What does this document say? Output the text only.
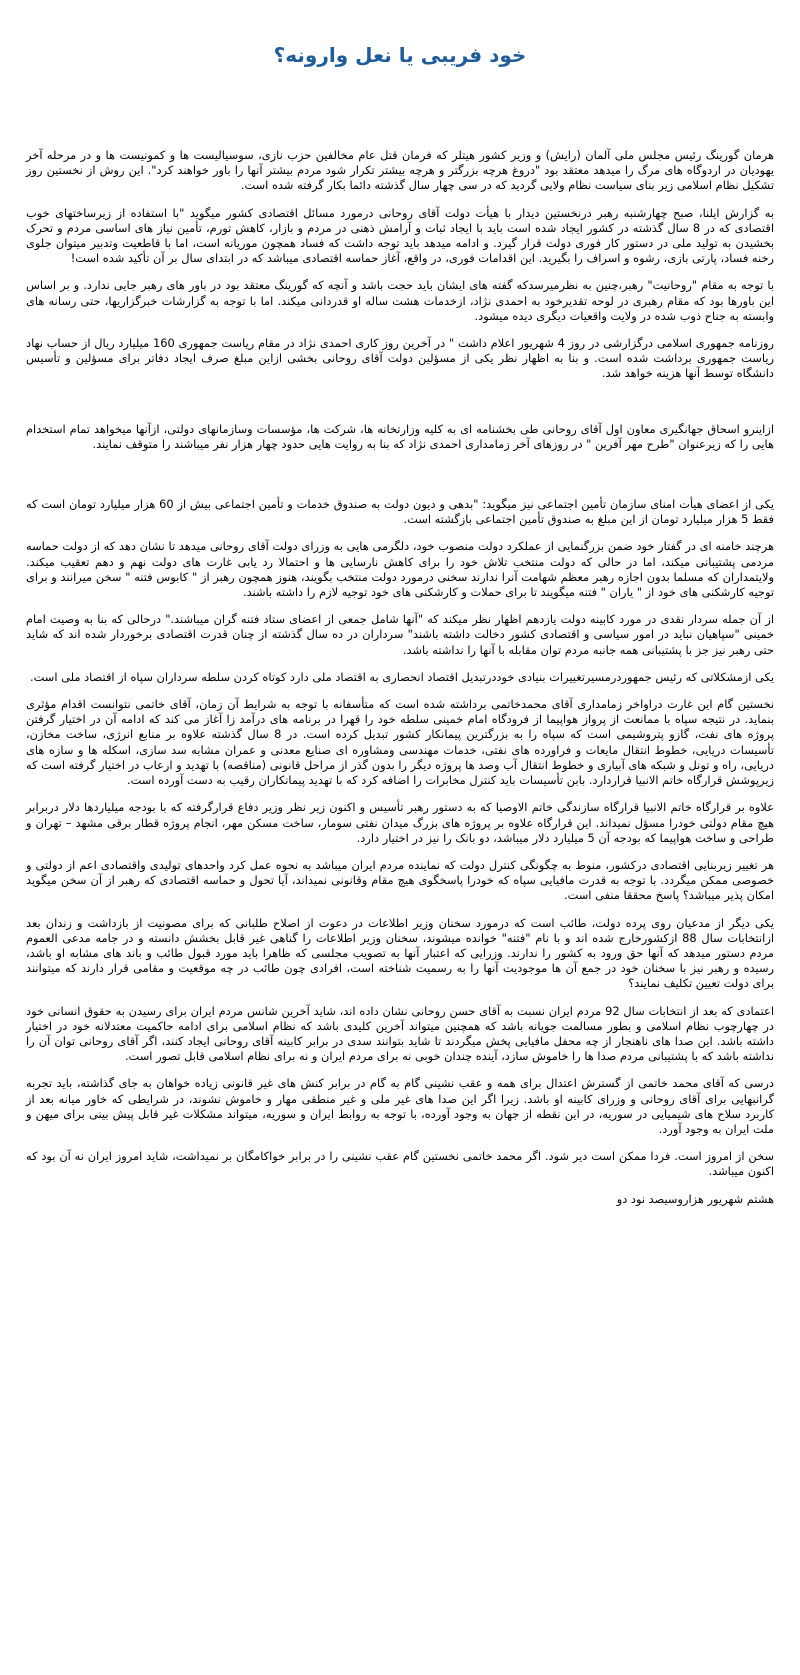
خود فریبی یا نعل وارونه؟

هرمان گورینگ رئیس مجلس ملی آلمان (رایش) و وزیر کشور هیتلر که فرمان قتل عام مخالفین حزب نازی، سوسیالیست ها و کمونیست ها و در مرحله آخر یهودیان در اردوگاه های مرگ را میدهد معتقد بود "دروغ هرچه بزرگتر و هرچه بیشتر تکرار شود مردم بیشتر آنها را باور خواهند کرد". این روش از نخستین روز تشکیل نظام اسلامی زیر بنای سیاست نظام ولایی گردید که در سی چهار سال گذشته دائما بکار گرفته شده است.

به گزارش ایلنا، صبح چهارشنبه رهبر درنخستین دیدار با هیأت دولت آقای روحانی درمورد مسائل اقتصادی کشور میگوید "با استفاده از زیرساختهای خوب اقتصادی که در 8 سال گذشته در کشور ایجاد شده است باید با ایجاد ثبات و آرامش ذهنی در مردم و بازار، کاهش تورم، تأمین نیاز های اساسی مردم و تحرک بخشیدن به تولید ملی در دستور کار فوری دولت قرار گیرد. و ادامه میدهد باید توجه داشت که فساد همچون موریانه است، اما با قاطعیت وتدبیر میتوان جلوی رخنه فساد، پارتی بازی، رشوه و اسراف را بگیرید. این اقدامات فوری، در واقع، آغاز حماسه اقتصادی میباشد که در ابتدای سال بر آن تأکید شده است!

با توجه به مقام "روحانیت" رهبر،چنین به نظرمیرسدکه گفته های ایشان باید حجت باشد و آنچه که گورینگ معتقد بود در باور های رهبر جایی ندارد. و بر اساس این باورها بود که مقام رهبری در لوحه تقدیرخود به احمدی نژاد، ازخدمات هشت ساله او قدردانی میکند. اما با توجه به گزارشات خبرگزاریها، حتی رسانه های وابسته به جناح ذوب شده در ولایت واقعیات دیگری دیده میشود.

روزنامه جمهوری اسلامی درگزارشی در روز 4 شهریور اعلام داشت " در آخرین روز کاری احمدی نژاد در مقام ریاست جمهوری 160 میلیارد ریال از حساب نهاد ریاست جمهوری برداشت شده است. و بنا به اظهار نظر یکی از مسؤلین دولت آقای روحانی بخشی ازاین مبلغ صرف ایجاد دفاتر برای مسؤلین و تأسیس دانشگاه توسط آنها هزینه خواهد شد.

ازاینرو اسحاق جهانگیری معاون اول آقای روحانی طی بخشنامه ای به کلیه وزارتخانه ها، شرکت ها، مؤسسات وسازمانهای دولتی، ازآنها میخواهد تمام استخدام هایی را که زیرعنوان "طرح مهر آفرین " در روزهای آخر زمامداری احمدی نژاد که بنا به روایت هایی حدود چهار هزار نفر میباشند را متوقف نمایند.

یکی از اعضای هیأت امنای سازمان تأمین اجتماعی نیز میگوید: "بدهی و دیون دولت به صندوق خدمات و تأمین اجتماعی بیش از 60 هزار میلیارد تومان است که فقط 5 هزار میلیارد تومان از این مبلغ به صندوق تأمین اجتماعی بازگشته است.

هرچند خامنه ای در گفتار خود ضمن بزرگنمایی از عملکرد دولت منصوب خود، دلگرمی هایی به وزرای دولت آقای روحانی میدهد تا نشان دهد که از دولت حماسه مردمی پشتیبانی میکند، اما در حالی که دولت منتخب تلاش خود را برای کاهش نارسایی ها و احتمالا رد یابی غارت های دولت نهم و دهم تعقیب میکند. ولایتمداران که مسلما بدون اجازه رهبر معظم شهامت آنرا ندارند سخنی درمورد دولت منتخب بگویند، هنوز همچون رهبر از " کابوس فتنه " سخن میرانند و برای توجیه کارشکنی های خود از " یاران " فتنه میگویند تا برای حملات و کارشکنی های خود توجیه لازم را داشته باشند.

از آن جمله سردار نقدی در مورد کابینه دولت یازدهم اظهار نظر میکند که "آنها شامل جمعی از اعضای ستاد فتنه گران میباشند." درحالی که بنا به وصیت امام خمینی "سپاهیان نباید در امور سیاسی و اقتصادی کشور دخالت داشته باشند" سرداران در ده سال گذشته از چنان قدرت اقتصادی برخوردار شده اند که شاید حتی رهبر نیز جز با پشتیبانی همه جانبه مردم توان مقابله با آنها را نداشته باشد.

یکی ازمشکلاتی که رئیس جمهوردرمسیرتغییرات بنیادی خوددرتبدیل اقتصاد انحصاری به اقتصاد ملی دارد کوتاه کردن سلطه سرداران سپاه از اقتصاد ملی است.

نخستین گام این غارت دراواخر زمامداری آقای محمدخاتمی برداشته شده است که متأسفانه با توجه به شرایط آن زمان، آقای خاتمی نتوانست اقدام مؤثری بنماید. در نتیجه سپاه با ممانعت از پرواز هواپیما از فرودگاه امام خمینی سلطه خود را قهرا در برنامه های درآمد زا آغاز می کند که ادامه آن در اختیار گرفتن پروژه های نفت، گازو پتروشیمی است که سپاه را به بزرگترین پیمانکار کشور تبدیل کرده است. در 8 سال گذشته علاوه بر منابع انرژی، ساخت مخازن، تأسیسات دریایی، خطوط انتقال مایعات و فراورده های نفتی، خدمات مهندسی ومشاوره ای صنایع معدنی و عمران مشابه سد سازی، اسکله ها و سازه های دریایی، راه و تونل و شبکه های آبیاری و خطوط انتقال آب وصد ها پروژه دیگر را بدون گذر از مراحل قانونی (مناقصه) با تهدید و ارعاب در اختیار گرفته است که زیرپوشش قرارگاه خاتم الانبیا قراردارد. بابن تأسیسات باید کنترل مخابرات را اضافه کرد که با تهدید پیمانکاران رقیب به دست آورده است.

علاوه بر قرارگاه خاتم الانبیا قرارگاه سازندگی خاتم الاوصیا که به دستور رهبر تأسیس و اکنون زیر نظر وزیر دفاع قرارگرفته که با بودجه میلیاردها دلار دربرابر هیچ مقام دولتی خودرا مسؤل نمیداند. این قرارگاه علاوه بر پروژه های بزرگ میدان نفتی سومار، ساخت مسکن مهر، انجام پروژه قطار برقی مشهد – تهران و طراحی و ساخت هواپیما که بودجه آن 5 میلیارد دلار میباشد، دو بانک را نیز در اختیار دارد.

هر تغییر زیربنایی اقتصادی درکشور، منوط به چگونگی کنترل دولت که نماینده مردم ایران میباشد به نحوه عمل کرد واحدهای تولیدی واقتصادی اعم از دولتی و خصوصی ممکن میگردد. با توجه به قدرت مافیایی سپاه که خودرا پاسخگوی هیچ مقام وقانونی نمیداند، آیا تحول و حماسه اقتصادی که رهبر از آن سخن میگوید امکان پذیر میباشد؟ پاسخ محققا منفی است.

یکی دیگر از مدعیان روی پرده دولت، طائب است که درمورد سخنان وزیر اطلاعات در دعوت از اصلاح طلبانی که برای مصونیت از بازداشت و زندان بعد ازانتخابات سال 88 ازکشورخارج شده اند و با نام "فتنه" خوانده میشوند، سخنان وزیر اطلاعات را گناهی غیر قابل بخشش دانسته و در جامه مدعی العموم مردم دستور میدهد که آنها حق ورود به کشور را ندارند. وزرایی که اعتبار آنها به تصویب مجلسی که ظاهرا باید مورد قبول طائب و باند های مشابه او باشد، رسیده و رهبر نیز با سخنان خود در جمع آن ها موجودیت آنها را به رسمیت شناخته است، افرادی چون طائب در چه موقعیت و مقامی قرار دارند که میتوانند برای دولت تعیین تکلیف نمایند؟

اعتمادی که بعد از انتخابات سال 92 مردم ایران نسبت به آقای حسن روحانی نشان داده اند، شاید آخرین شانس مردم ایران برای رسیدن به حقوق انسانی خود در چهارچوب نظام اسلامی و بطور مسالمت جویانه باشد که همچنین میتواند آخرین کلیدی باشد که نظام اسلامی برای ادامه حاکمیت معتدلانه خود در اختیار داشته باشد. این صدا های ناهنجار از چه محفل مافیایی پخش میگردند تا شاید بتوانند سدی در برابر کابینه آقای روحانی ایجاد کنند، اگر آقای روحانی توان آن را نداشته باشد که با پشتیبانی مردم صدا ها را خاموش سازد، آینده چندان خوبی نه برای مردم ایران و نه برای نظام اسلامی قابل تصور است.

درسی که آقای محمد خاتمی از گسترش اعتدال برای همه و عقب نشینی گام به گام در برابر کنش های غیر قانونی زیاده خواهان به جای گذاشته، باید تجربه گرانبهایی برای آقای روحانی و وزرای کابینه او باشد. زیرا اگر این صدا های غیر ملی و غیر منطقی مهار و خاموش نشوند، در شرایطی که خاور میانه بعد از کاربرد سلاح های شیمیایی در سوریه، در این نقطه از جهان به وجود آورده، با توجه به روابط ایران و سوریه، میتواند مشکلات غیر قابل پیش بینی برای میهن و ملت ایران به وجود آورد.

سخن از امروز است. فردا ممکن است دیر شود. اگر محمد خاتمی نخستین گام عقب نشینی را در برابر خواکامگان بر نمیداشت، شاید امروز ایران نه آن بود که اکنون میباشد.

هشتم شهریور هزاروسیصد نود دو
